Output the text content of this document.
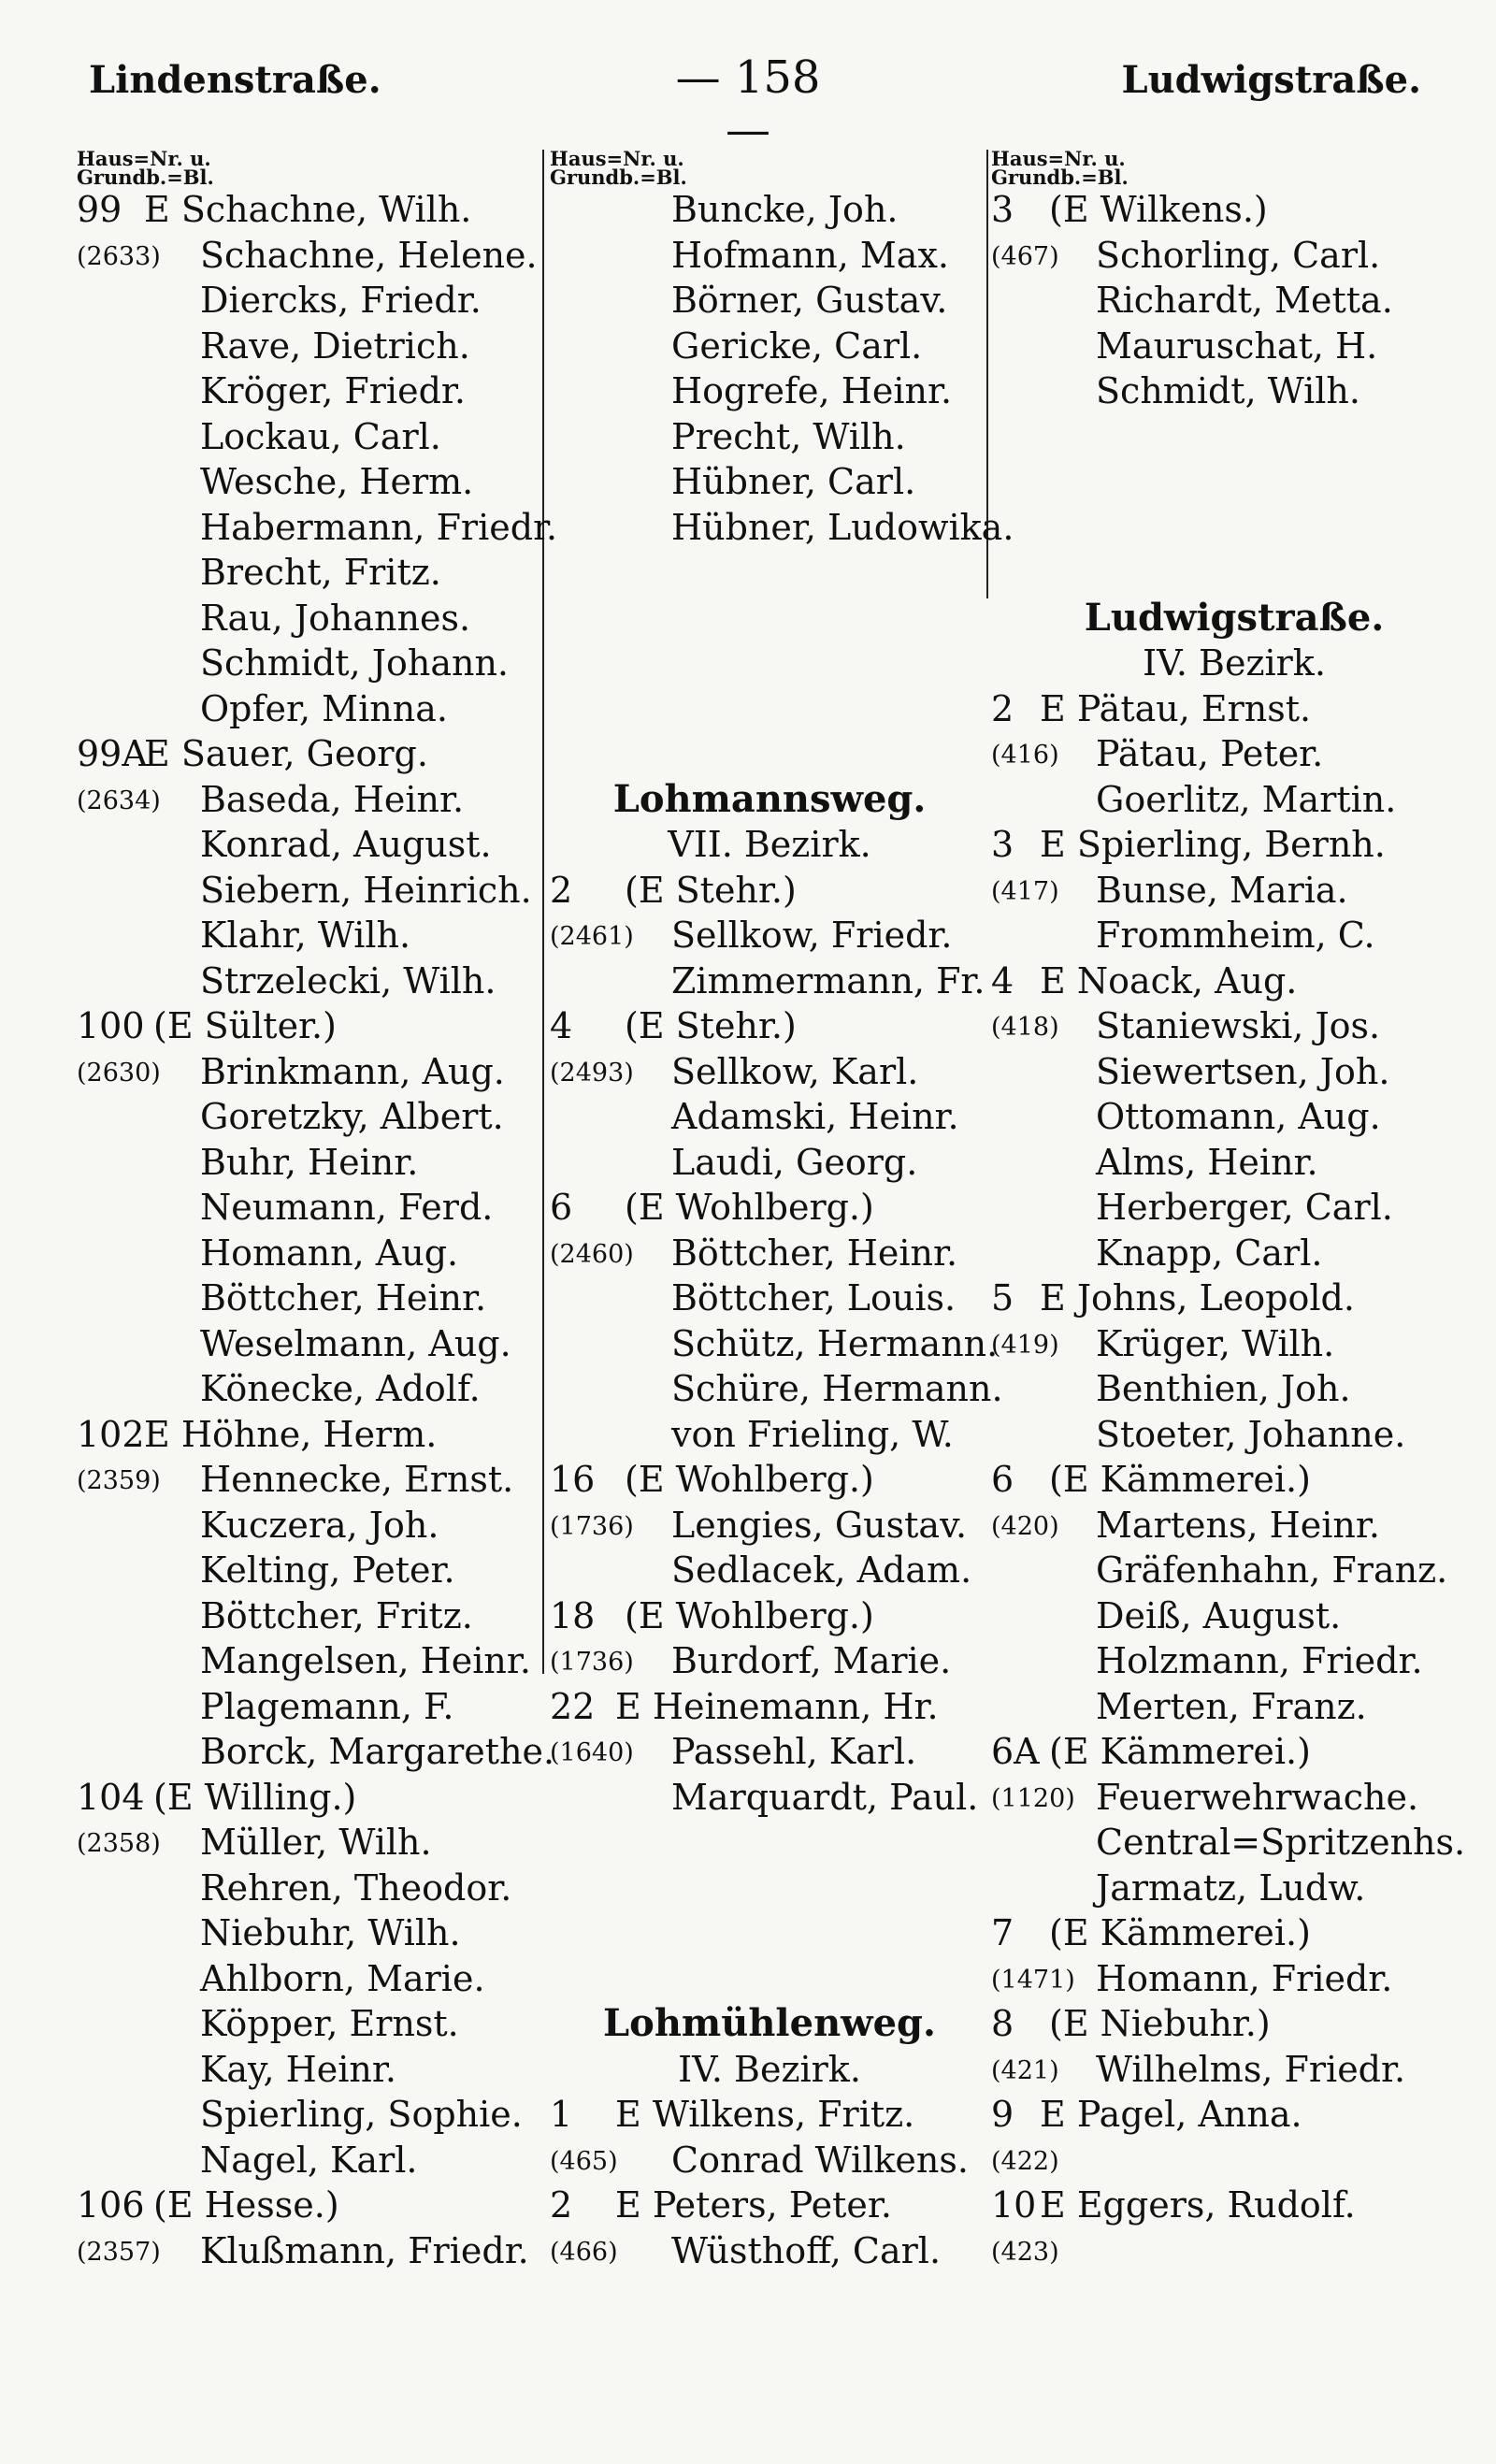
Lindenstraße.	— 158 —
Ludwigstraße.
Haus=Nr. u.
Grundb.=Bl.
99 E Schachne, Wilh.
(2633) Schachne, Helene.
Diercks, Friedr.
Rave, Dietrich.
Kröger, Friedr.
Lockau, Carl.
Wesche, Herm.
Habermann, Friedr.
Brecht, Fritz.
Rau, Johannes.
Schmidt, Johann.
Opfer, Minna.
99A
E Sauer, Georg.
(2634) Baseda, Heinr.
Konrad, August.
Siebern, Heinrich.
Klahr, Wilh.
Strzelecki, Wilh.
100 (E Sülter.)
(2630) Brinkmann, Aug.
Goretzky, Albert.
Buhr, Heinr.
Neumann, Ferd.
Homann, Aug.
Böttcher, Heinr.
Weselmann, Aug.
Könecke, Adolf.
102 E Höhne, Herm.
(2359) Hennecke, Ernst.
Kuczera, Joh.
Kelting, Peter.
Böttcher, Fritz.
Mangelsen, Heinr.
Plagemann, F.
Borck, Margarethe.
104 (E Willing.)
(2358) Müller, Wilh.
Rehren, Theodor.
Niebuhr, Wilh.
Ahlborn, Marie.
Köpper, Ernst.
Kay, Heinr.
Spierling, Sophie.
Nagel, Karl.
106 (E Hesse.)
(2357) Klußmann, Friedr.
Haus=Nr. u.
Grundb.=Bl.
Buncke, Joh.
Hofmann, Max.
Börner, Gustav.
Gericke, Carl.
Hogrefe, Heinr.
Precht, Wilh.
Hübner, Carl.
Hübner, Ludowika.
Lohmannsweg.
VII. Bezirk.
2 (E Stehr.)
(2461) Sellkow, Friedr.
Zimmermann, Fr.
4 (E Stehr.)
(2493) Sellkow, Karl.
Adamski, Heinr.
Laudi, Georg.
6 (E Wohlberg.)
(2460) Böttcher, Heinr.
Böttcher, Louis.
Schütz, Hermann.
Schüre, Hermann.
von Frieling, W.
16 (E Wohlberg.)
(1736) Lengies, Gustav.
Sedlacek, Adam.
18 (E Wohlberg.)
(1736) Burdorf, Marie.
22 E Heinemann, Hr.
(1640) Passehl, Karl.
Marquardt, Paul.
Lohmühlenweg.
IV. Bezirk.
1 E Wilkens, Fritz.
(465) Conrad Wilkens.
2 E Peters, Peter.
(466) Wüsthoff, Carl.
Haus=Nr. u.
Grundb.=Bl.
3 (E Wilkens.)
(467) Schorling, Carl.
Richardt, Metta.
Mauruschat, H.
Schmidt, Wilh.
Ludwigstraße.
IV. Bezirk.
2 E Pätau, Ernst.
(416) Pätau, Peter.
Goerlitz, Martin.
3 E Spierling, Bernh.
(417) Bunse, Maria.
Frommheim, C.
4 E Noack, Aug.
(418) Staniewski, Jos.
Siewertsen, Joh.
Ottomann, Aug.
Alms, Heinr.
Herberger, Carl.
Knapp, Carl.
5 E Johns, Leopold.
(419) Krüger, Wilh.
Benthien, Joh.
Stoeter, Johanne.
6 (E Kämmerei.)
(420) Martens, Heinr.
Gräfenhahn, Franz.
Deiß, August.
Holzmann, Friedr.
Merten, Franz.
6A (E Kämmerei.)
(1120) Feuerwehrwache.
Central=Spritzenhs.
Jarmatz, Ludw.
7 (E Kämmerei.)
(1471) Homann, Friedr.
8 (E Niebuhr.)
(421) Wilhelms, Friedr.
9 E Pagel, Anna.
(422)
10 E Eggers, Rudolf.
(423)
